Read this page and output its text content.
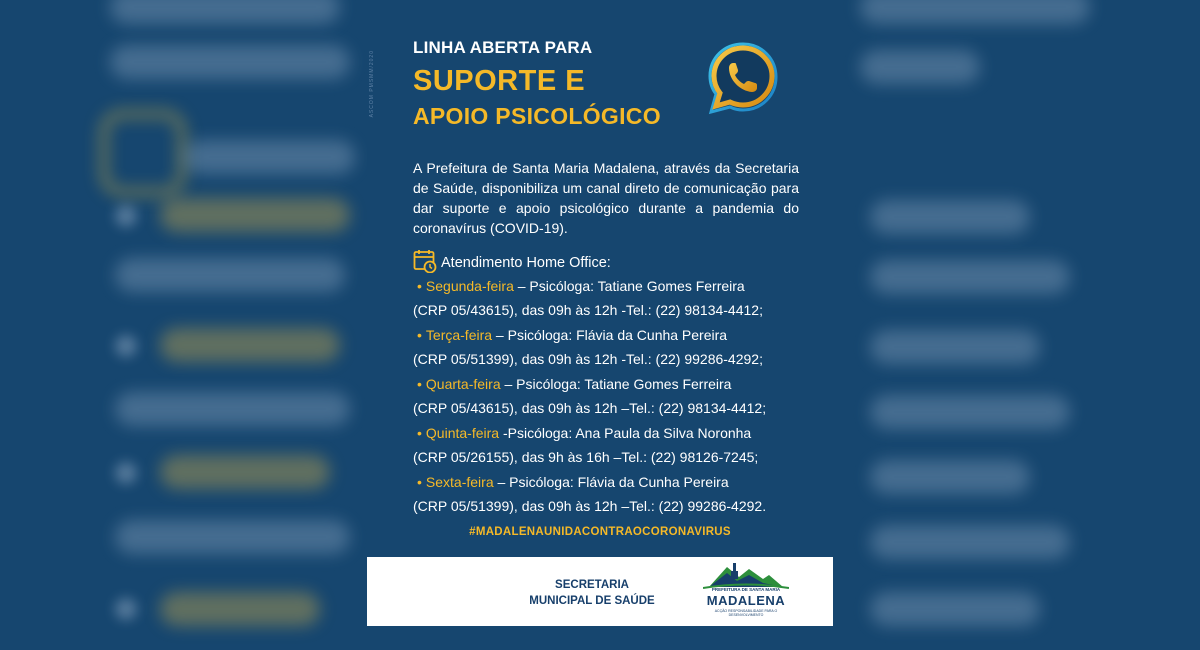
ASCOM PMSMM/2020
LINHA ABERTA PARA
SUPORTE E
APOIO PSICOLÓGICO
A Prefeitura de Santa Maria Madalena, através da Secretaria de Saúde, disponibiliza um canal direto de comunicação para dar suporte e apoio psicológico durante a pandemia do coronavírus (COVID-19).
Atendimento Home Office:
• Segunda-feira – Psicóloga: Tatiane Gomes Ferreira
(CRP 05/43615), das 09h às 12h -Tel.: (22) 98134-4412;
• Terça-feira – Psicóloga: Flávia da Cunha Pereira
(CRP 05/51399), das 09h às 12h -Tel.: (22) 99286-4292;
• Quarta-feira – Psicóloga: Tatiane Gomes Ferreira
(CRP 05/43615), das 09h às 12h –Tel.: (22) 98134-4412;
• Quinta-feira -Psicóloga: Ana Paula da Silva Noronha
(CRP 05/26155), das 9h às 16h –Tel.: (22) 98126-7245;
• Sexta-feira – Psicóloga: Flávia da Cunha Pereira
(CRP 05/51399), das 09h às 12h –Tel.: (22) 99286-4292.
#MADALENAUNIDACONTRAOCORONAVIRUS
SECRETARIA
MUNICIPAL DE SAÚDE
PREFEITURA DE SANTA MARIA
MADALENA
ACÇÃO RESPONSABILIDADE PARA O DESENVOLVIMENTO
